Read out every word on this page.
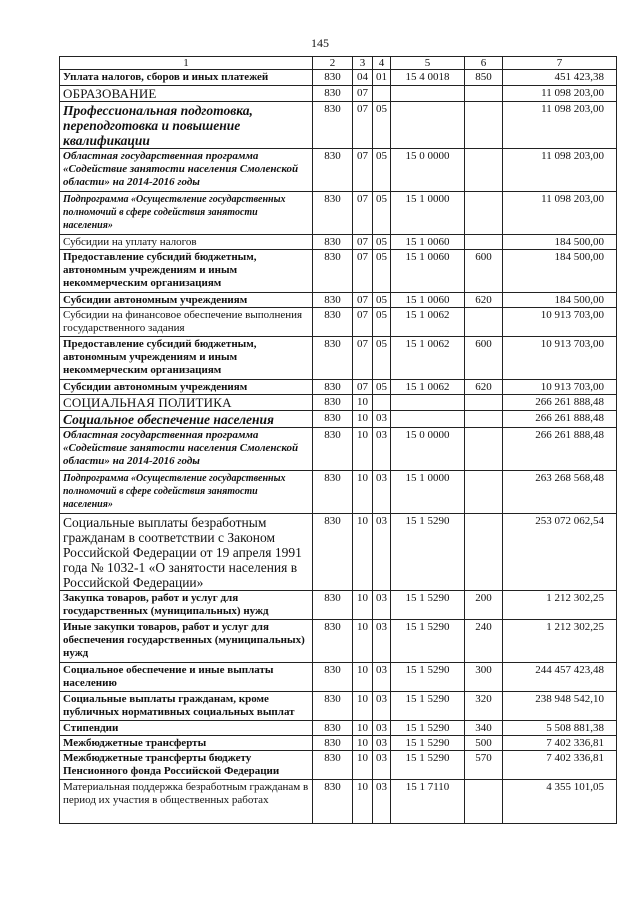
145
1	2	3	4	5	6	7
Уплата налогов, сборов и иных платежей	830	04	01	15 4 0018	850	451 423,38
ОБРАЗОВАНИЕ	830	07				11 098 203,00
Профессиональная подготовка, переподготовка и повышение квалификации	830	07	05			11 098 203,00
Областная государственная программа «Содействие занятости населения Смоленской области» на 2014-2016 годы	830	07	05	15 0 0000		11 098 203,00
Подпрограмма «Осуществление государственных полномочий в сфере содействия занятости населения»	830	07	05	15 1 0000		11 098 203,00
Субсидии на уплату налогов	830	07	05	15 1 0060		184 500,00
Предоставление субсидий бюджетным, автономным учреждениям и иным некоммерческим организациям	830	07	05	15 1 0060	600	184 500,00
Субсидии автономным учреждениям	830	07	05	15 1 0060	620	184 500,00
Субсидии на финансовое обеспечение выполнения государственного задания	830	07	05	15 1 0062		10 913 703,00
Предоставление субсидий бюджетным, автономным учреждениям и иным некоммерческим организациям	830	07	05	15 1 0062	600	10 913 703,00
Субсидии автономным учреждениям	830	07	05	15 1 0062	620	10 913 703,00
СОЦИАЛЬНАЯ ПОЛИТИКА	830	10				266 261 888,48
Социальное обеспечение населения	830	10	03			266 261 888,48
Областная государственная программа «Содействие занятости населения Смоленской области» на 2014-2016 годы	830	10	03	15 0 0000		266 261 888,48
Подпрограмма «Осуществление государственных полномочий в сфере содействия занятости населения»	830	10	03	15 1 0000		263 268 568,48
Социальные выплаты безработным гражданам в соответствии с Законом Российской Федерации от 19 апреля 1991 года № 1032-1 «О занятости населения в Российской Федерации»	830	10	03	15 1 5290		253 072 062,54
Закупка товаров, работ и услуг для государственных (муниципальных) нужд	830	10	03	15 1 5290	200	1 212 302,25
Иные закупки товаров, работ и услуг для обеспечения государственных (муниципальных) нужд	830	10	03	15 1 5290	240	1 212 302,25
Социальное обеспечение и иные выплаты населению	830	10	03	15 1 5290	300	244 457 423,48
Социальные выплаты гражданам, кроме публичных нормативных социальных выплат	830	10	03	15 1 5290	320	238 948 542,10
Стипендии	830	10	03	15 1 5290	340	5 508 881,38
Межбюджетные трансферты	830	10	03	15 1 5290	500	7 402 336,81
Межбюджетные трансферты бюджету Пенсионного фонда Российской Федерации	830	10	03	15 1 5290	570	7 402 336,81
Материальная поддержка безработным гражданам в период их участия в общественных работах	830	10	03	15 1 7110		4 355 101,05
